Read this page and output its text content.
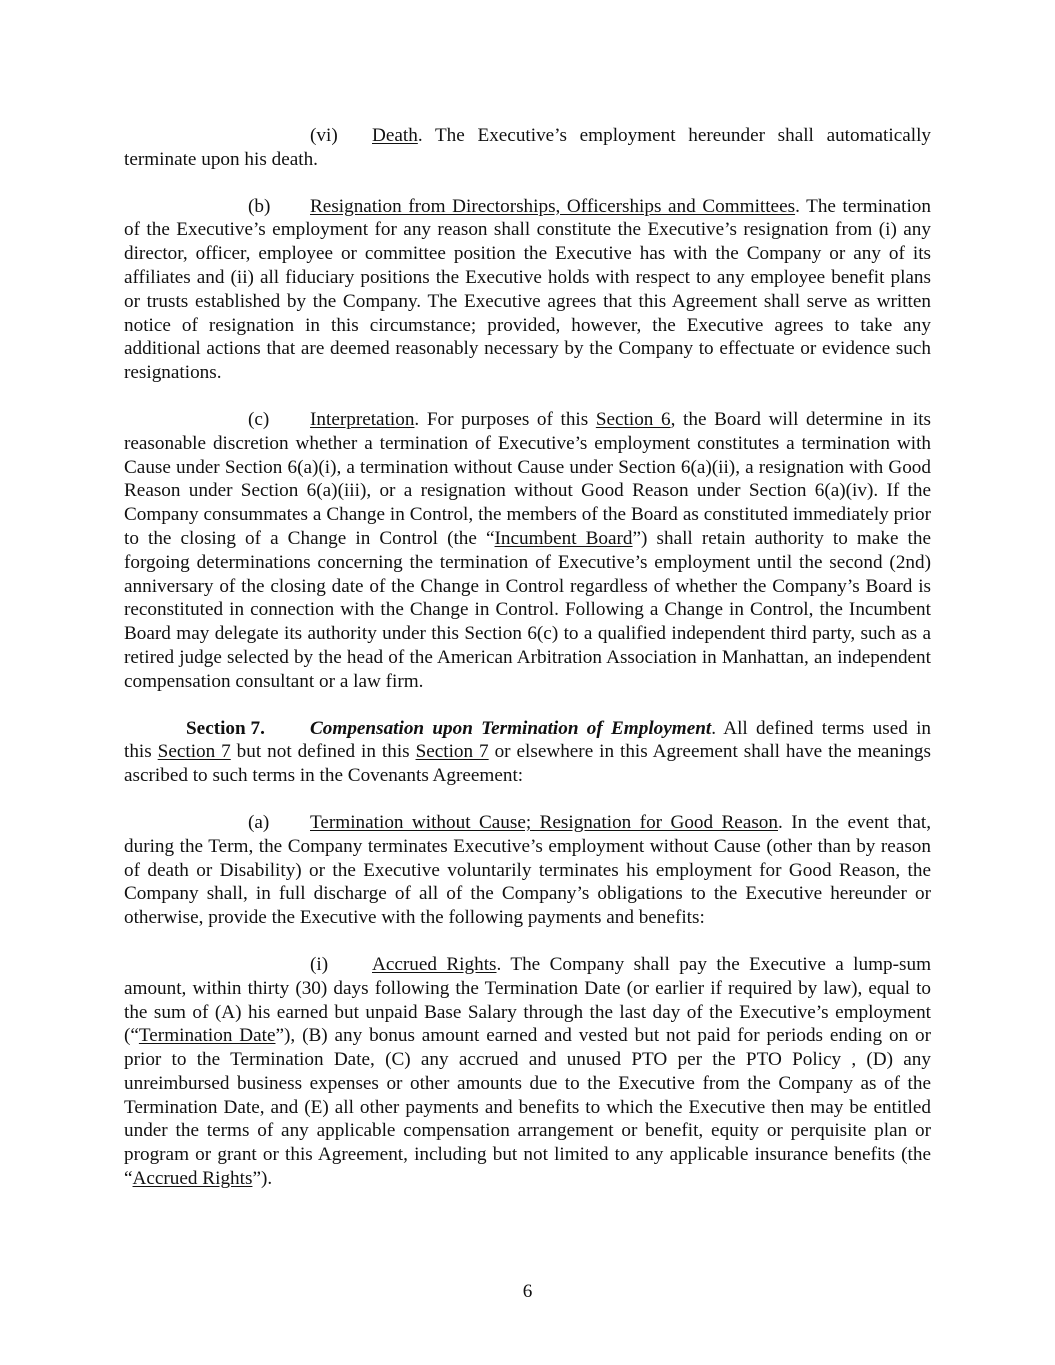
(vi) Death. The Executive’s employment hereunder shall automatically terminate upon his death.

(b) Resignation from Directorships, Officerships and Committees. The termination of the Executive’s employment for any reason shall constitute the Executive’s resignation from (i) any director, officer, employee or committee position the Executive has with the Company or any of its affiliates and (ii) all fiduciary positions the Executive holds with respect to any employee benefit plans or trusts established by the Company. The Executive agrees that this Agreement shall serve as written notice of resignation in this circumstance; provided, however, the Executive agrees to take any additional actions that are deemed reasonably necessary by the Company to effectuate or evidence such resignations.

(c) Interpretation. For purposes of this Section 6, the Board will determine in its reasonable discretion whether a termination of Executive’s employment constitutes a termination with Cause under Section 6(a)(i), a termination without Cause under Section 6(a)(ii), a resignation with Good Reason under Section 6(a)(iii), or a resignation without Good Reason under Section 6(a)(iv). If the Company consummates a Change in Control, the members of the Board as constituted immediately prior to the closing of a Change in Control (the “Incumbent Board”) shall retain authority to make the forgoing determinations concerning the termination of Executive’s employment until the second (2nd) anniversary of the closing date of the Change in Control regardless of whether the Company’s Board is reconstituted in connection with the Change in Control. Following a Change in Control, the Incumbent Board may delegate its authority under this Section 6(c) to a qualified independent third party, such as a retired judge selected by the head of the American Arbitration Association in Manhattan, an independent compensation consultant or a law firm.

Section 7. Compensation upon Termination of Employment. All defined terms used in this Section 7 but not defined in this Section 7 or elsewhere in this Agreement shall have the meanings ascribed to such terms in the Covenants Agreement:

(a) Termination without Cause; Resignation for Good Reason. In the event that, during the Term, the Company terminates Executive’s employment without Cause (other than by reason of death or Disability) or the Executive voluntarily terminates his employment for Good Reason, the Company shall, in full discharge of all of the Company’s obligations to the Executive hereunder or otherwise, provide the Executive with the following payments and benefits:

(i) Accrued Rights. The Company shall pay the Executive a lump-sum amount, within thirty (30) days following the Termination Date (or earlier if required by law), equal to the sum of (A) his earned but unpaid Base Salary through the last day of the Executive’s employment (“Termination Date”), (B) any bonus amount earned and vested but not paid for periods ending on or prior to the Termination Date, (C) any accrued and unused PTO per the PTO Policy , (D) any unreimbursed business expenses or other amounts due to the Executive from the Company as of the Termination Date, and (E) all other payments and benefits to which the Executive then may be entitled under the terms of any applicable compensation arrangement or benefit, equity or perquisite plan or program or grant or this Agreement, including but not limited to any applicable insurance benefits (the “Accrued Rights”).

6
